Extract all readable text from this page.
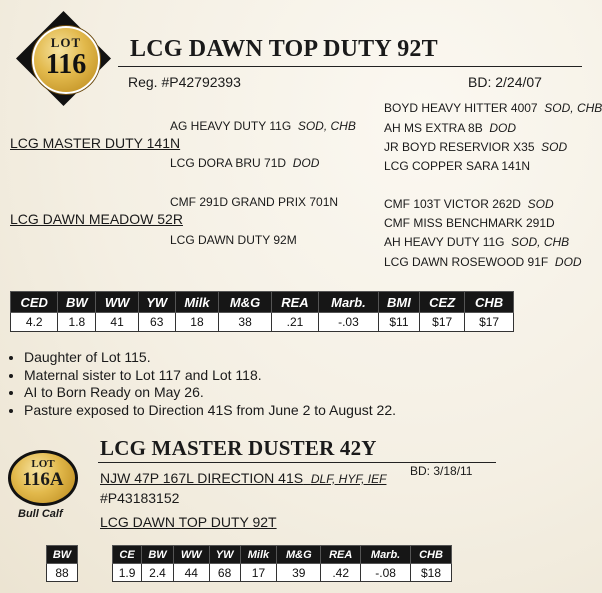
LOT
116	LCG DAWN TOP DUTY 92T
Reg. #P42792393	BD: 2/24/07
BOYD HEAVY HITTER 4007 SOD, CHB
AG HEAVY DUTY 11G SOD, CHB AH MS EXTRA 8B DOD
LCG MASTER DUTY 141N	JR BOYD RESERVIOR X35 SOD
LCG DORA BRU 71D DOD	LCG COPPER SARA 141N
CMF 291D GRAND PRIX 701N	CMF 103T VICTOR 262D SOD
LCG DAWN MEADOW 52R	CMF MISS BENCHMARK 291D
LCG DAWN DUTY 92M	AH HEAVY DUTY 11G SOD, CHB
LCG DAWN ROSEWOOD 91F DOD
CED	BW	WW	YW	Milk	M&G	REA	Marb.	BMI	CEZ	CHB
4.2	1.8	41	63	18	38	.21	-.03	$11	$17	$17
• Daughter of Lot 115.
• Maternal sister to Lot 117 and Lot 118.
• AI to Born Ready on May 26.
• Pasture exposed to Direction 41S from June 2 to August 22.
LOT
116A
Bull Calf
LCG MASTER DUSTER 42Y
NJW 47P 167L DIRECTION 41S DLF, HYF, IEF
BD: 3/18/11
#P43183152
LCG DAWN TOP DUTY 92T
BW
88
CE	BW	WW	YW	Milk	M&G	REA	Marb.	CHB
1.9	2.4	44	68	17	39	.42	-.08	$18
